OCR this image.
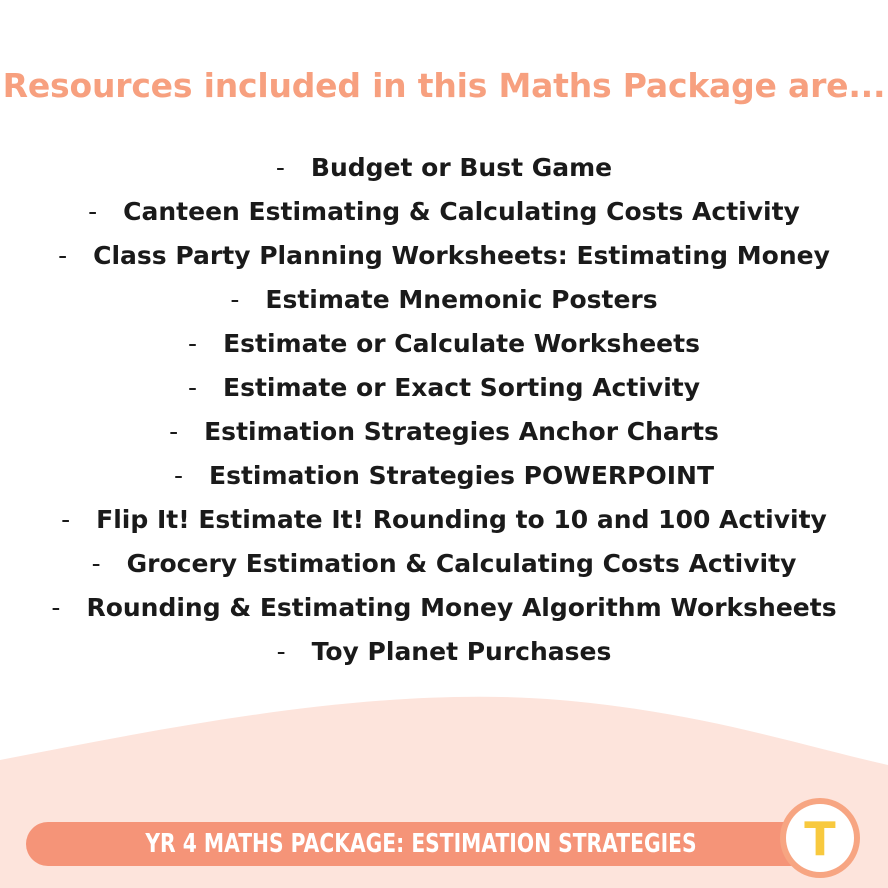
Resources included in this Maths Package are...
- Budget or Bust Game
- Canteen Estimating & Calculating Costs Activity
- Class Party Planning Worksheets: Estimating Money
- Estimate Mnemonic Posters
- Estimate or Calculate Worksheets
- Estimate or Exact Sorting Activity
- Estimation Strategies Anchor Charts
- Estimation Strategies POWERPOINT
- Flip It! Estimate It! Rounding to 10 and 100 Activity
- Grocery Estimation & Calculating Costs Activity
- Rounding & Estimating Money Algorithm Worksheets
- Toy Planet Purchases
YR 4 MATHS PACKAGE: ESTIMATION STRATEGIES	T
